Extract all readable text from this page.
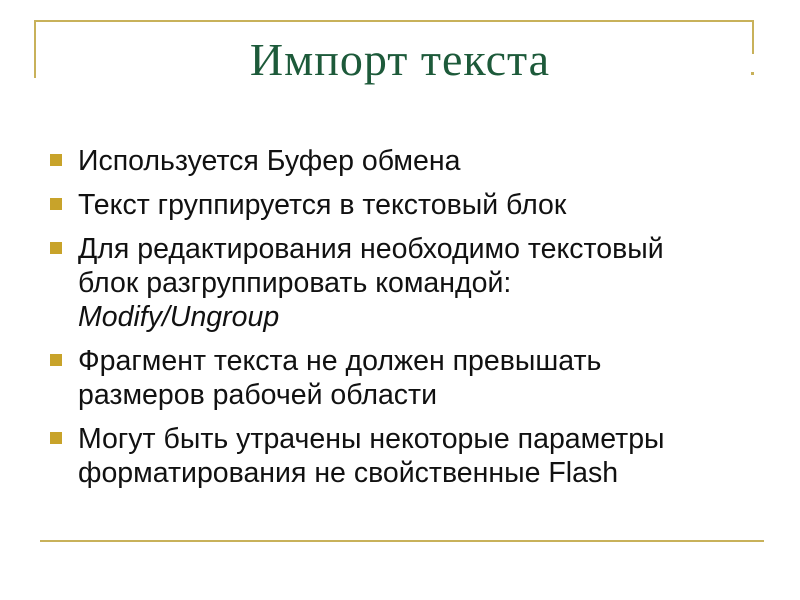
Импорт текста
Используется Буфер обмена
Текст группируется в текстовый блок
Для редактирования необходимо текстовый
блок разгруппировать командой:
Modify/Ungroup
Фрагмент текста не должен превышать
размеров рабочей области
Могут быть утрачены некоторые параметры
форматирования не свойственные Flash
